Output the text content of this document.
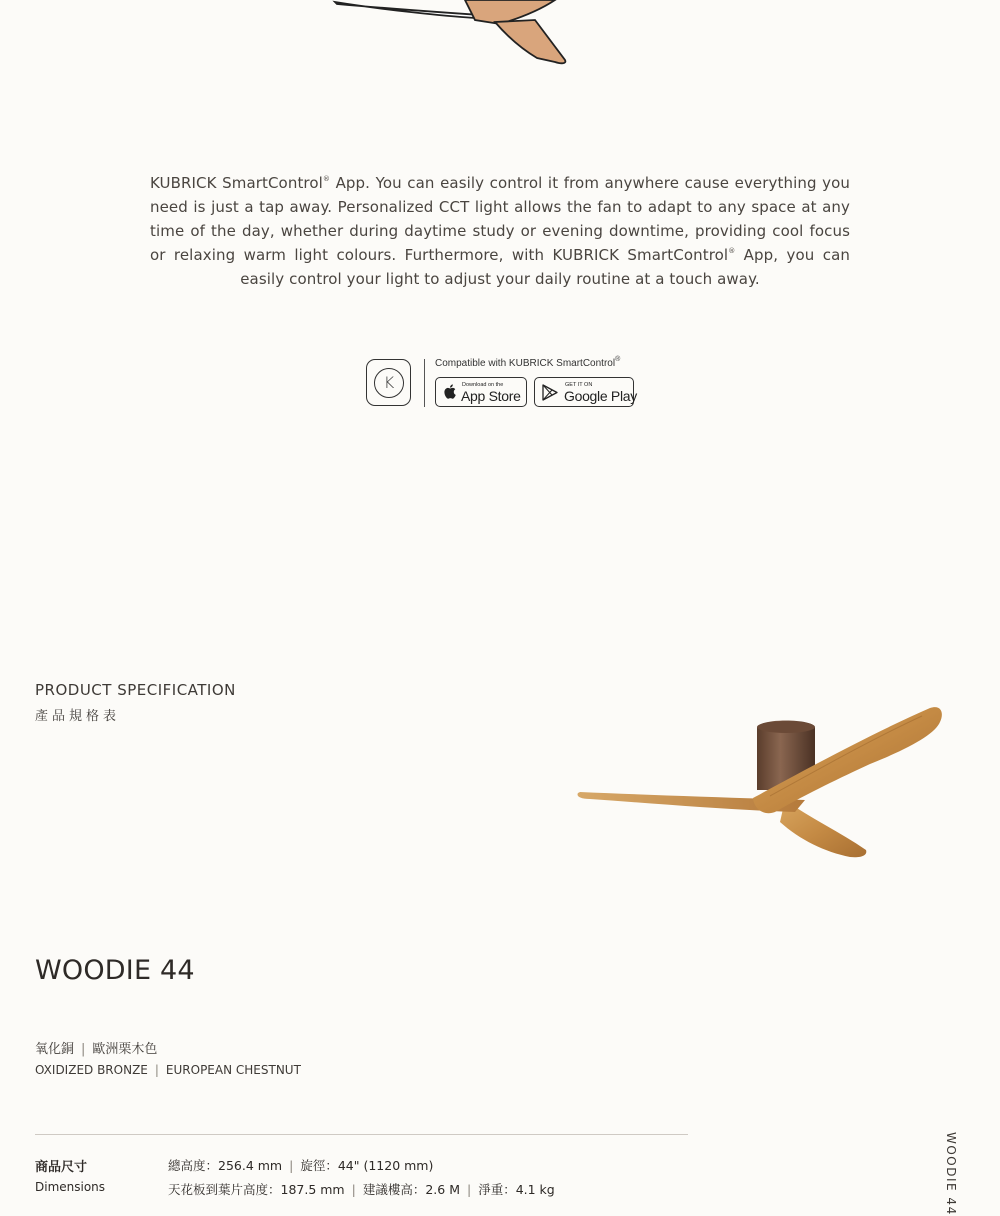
KUBRICK SmartControl® App. You can easily control it from anywhere cause everything you need is just a tap away. Personalized CCT light allows the fan to adapt to any space at any time of the day, whether during daytime study or evening downtime, providing cool focus or relaxing warm light colours. Furthermore, with KUBRICK SmartControl® App, you can easily control your light to adjust your daily routine at a touch away.

K
Compatible with KUBRICK SmartControl®
Download on the
App Store
GET IT ON
Google Play
PRODUCT SPECIFICATION
產品規格表
WOODIE 44
氧化銅 | 歐洲栗木色
OXIDIZED BRONZE | EUROPEAN CHESTNUT
商品尺寸
Dimensions
總高度：256.4 mm | 旋徑：44" (1120 mm)
天花板到葉片高度：187.5 mm | 建議樓高：2.6 M | 淨重：4.1 kg	WOODIE 44
